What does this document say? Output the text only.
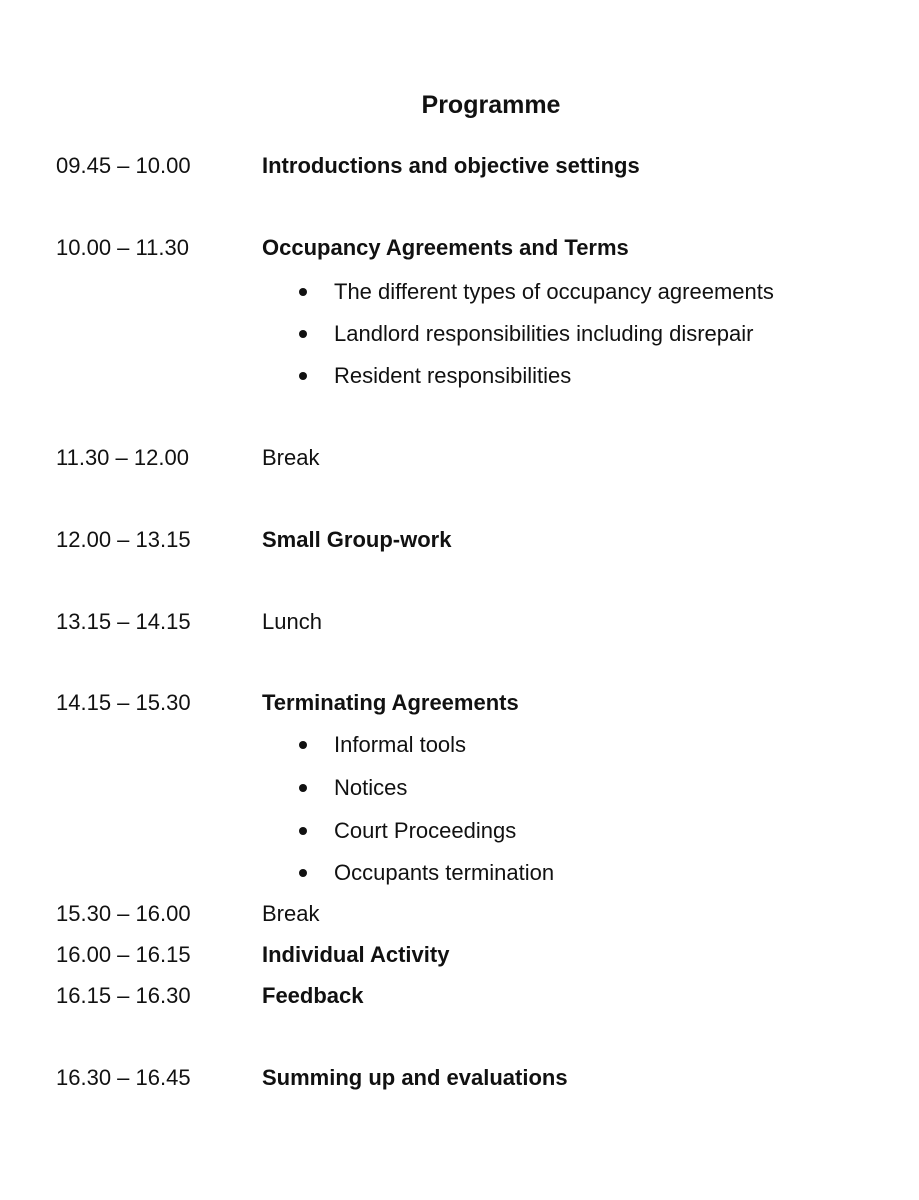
Programme
09.45 – 10.00	Introductions and objective settings
10.00 – 11.30	Occupancy Agreements and Terms
The different types of occupancy agreements
Landlord responsibilities including disrepair
Resident responsibilities
11.30 – 12.00	Break
12.00 – 13.15	Small Group-work
13.15 – 14.15	Lunch
14.15 – 15.30	Terminating Agreements
Informal tools
Notices
Court Proceedings
Occupants termination
15.30 – 16.00	Break
16.00 – 16.15	Individual Activity
16.15 – 16.30	Feedback
16.30 – 16.45	Summing up and evaluations
